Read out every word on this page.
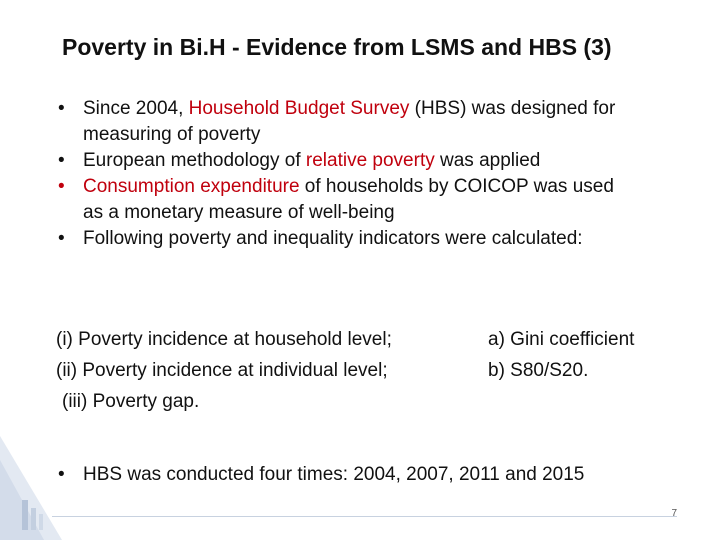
Poverty in Bi.H - Evidence from LSMS and HBS (3)
• Since 2004, Household Budget Survey (HBS) was designed for
measuring of poverty
• European methodology of relative poverty was applied
• Consumption expenditure of households by COICOP was used
as a monetary measure of well-being
• Following poverty and inequality indicators were calculated:
(i) Poverty incidence at household level;
(ii) Poverty incidence at individual level;
(iii) Poverty gap.
a) Gini coefficient
b) S80/S20.
• HBS was conducted four times: 2004, 2007, 2011 and 2015
7
